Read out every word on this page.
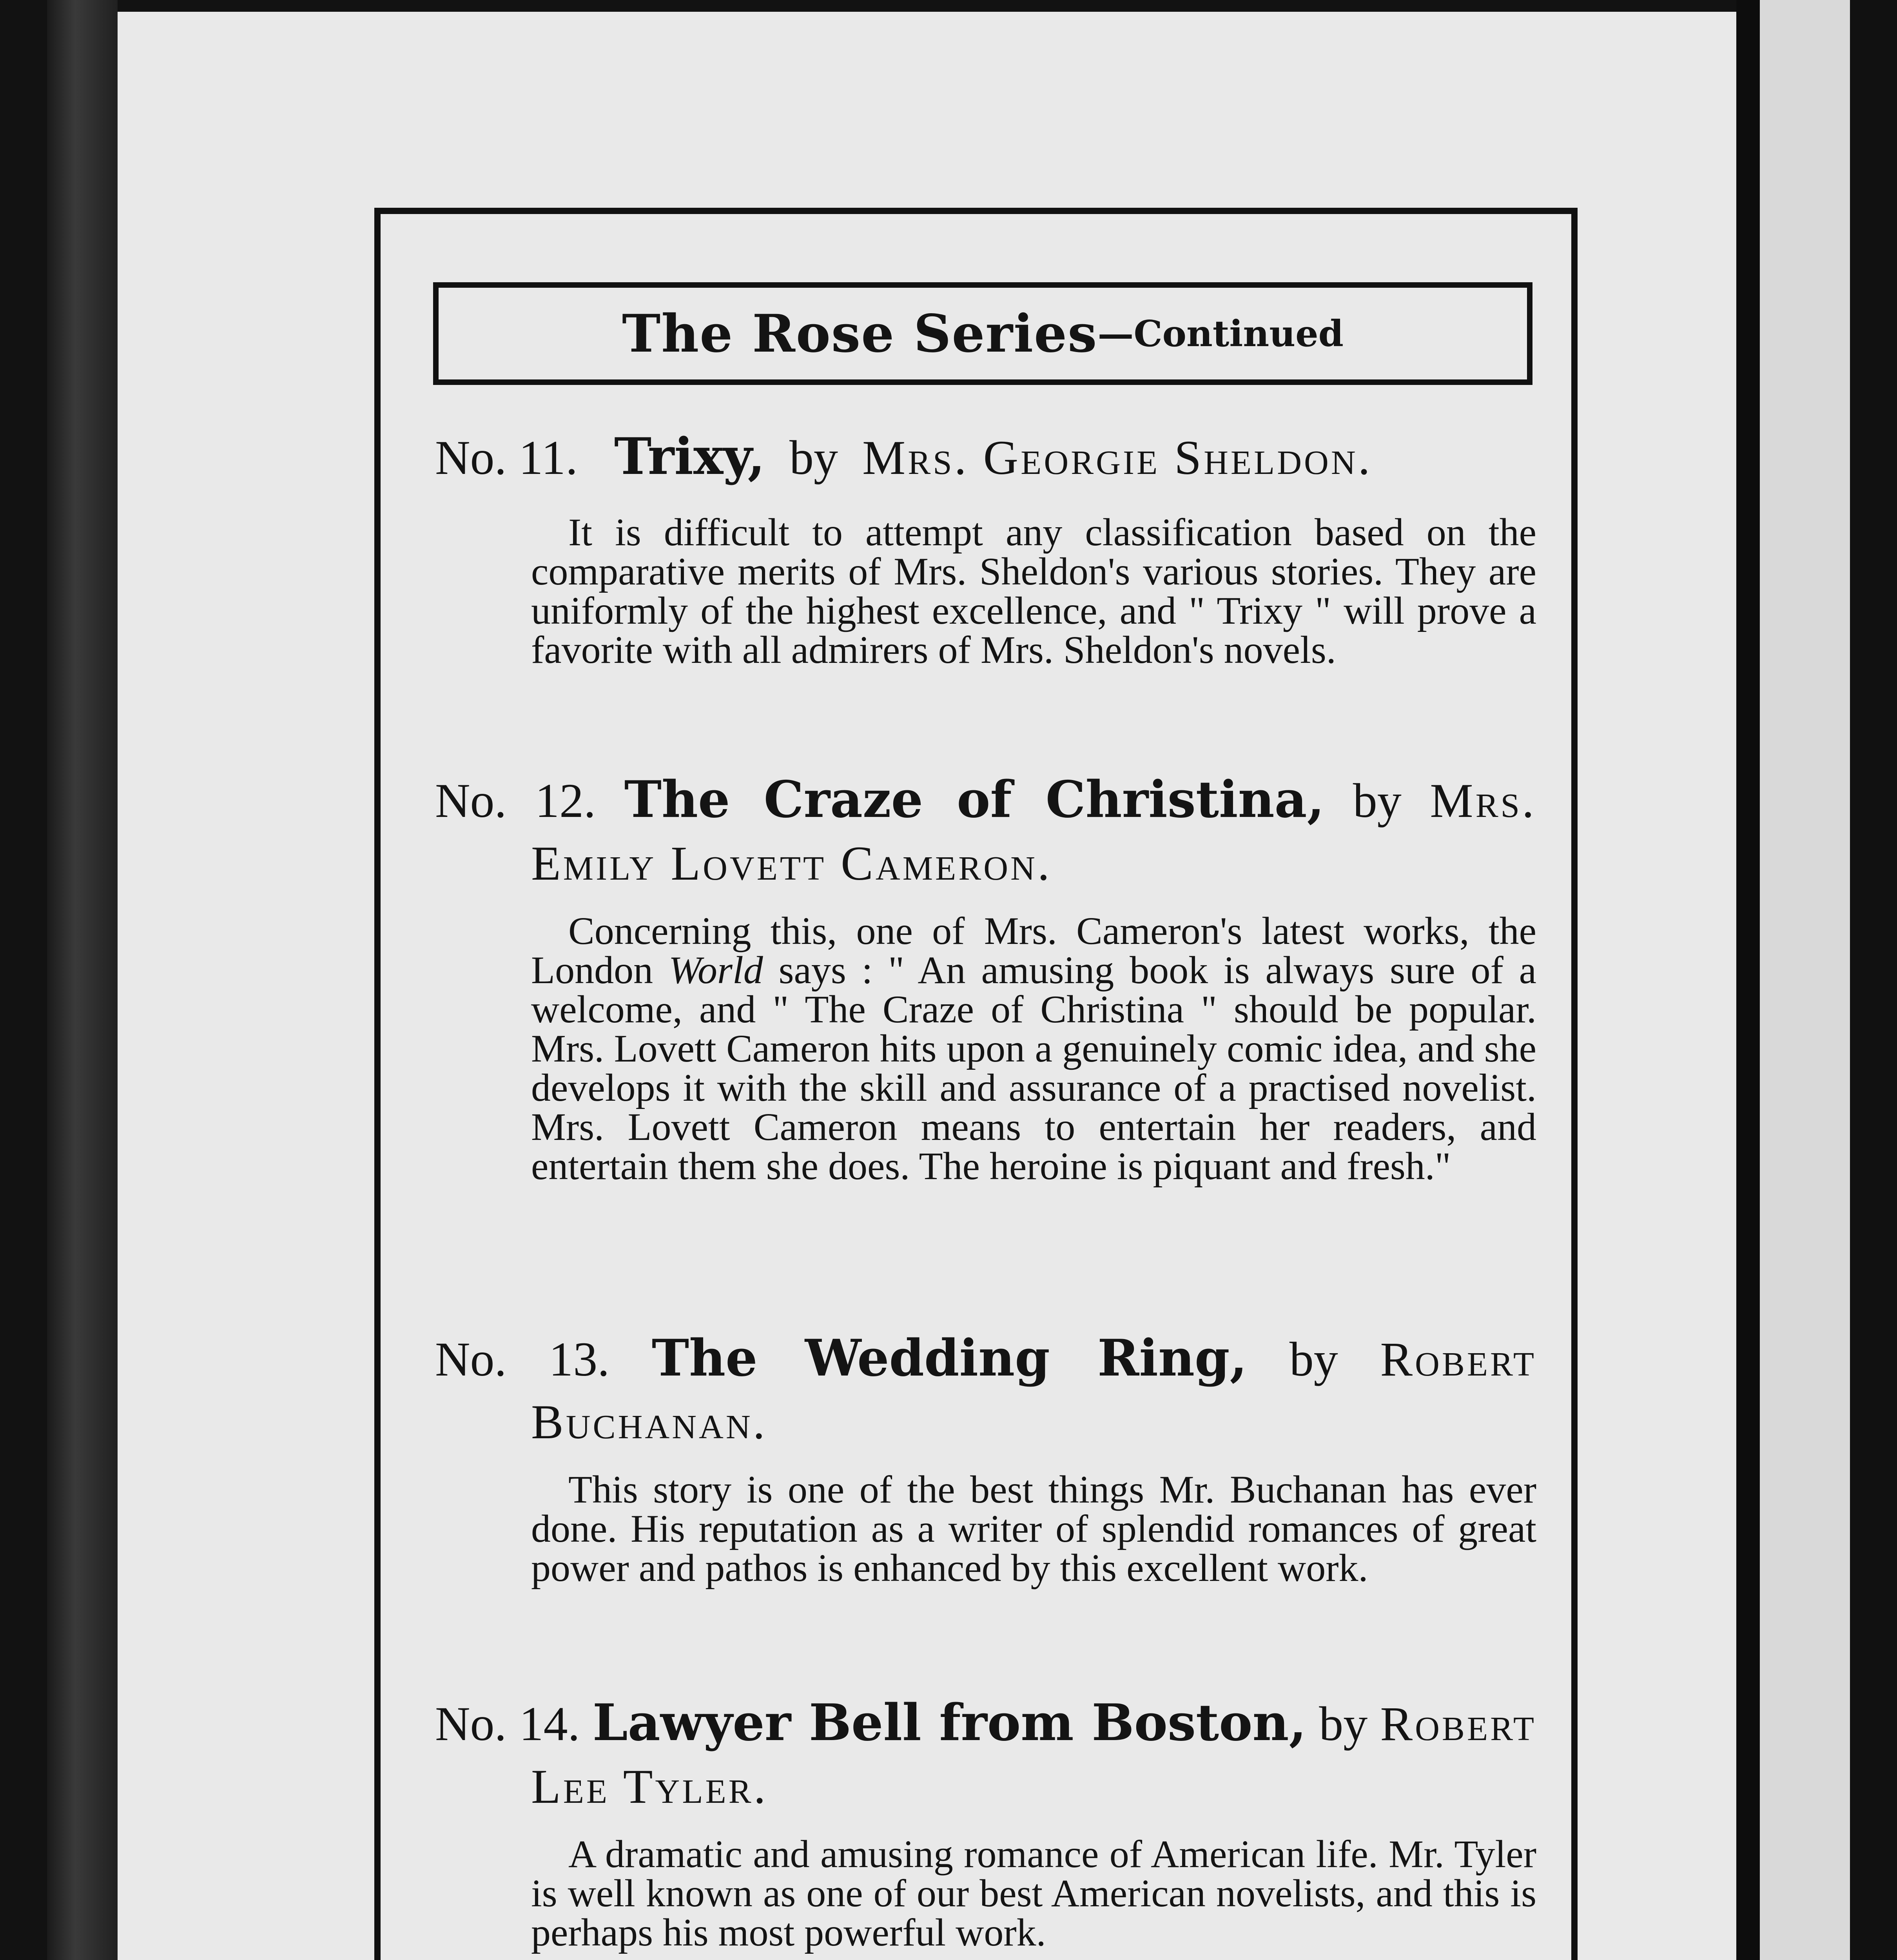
The Rose Series —Continued
No. 11. Trixy, by Mrs. Georgie Sheldon.
It is difficult to attempt any classification based on the comparative merits of Mrs. Sheldon's various stories. They are uniformly of the highest excellence, and " Trixy " will prove a favorite with all admirers of Mrs. Sheldon's novels.
No. 12. The Craze of Christina, by Mrs.
Emily Lovett Cameron.
Concerning this, one of Mrs. Cameron's latest works, the London World says : " An amusing book is always sure of a welcome, and " The Craze of Christina " should be popular. Mrs. Lovett Cameron hits upon a genuinely comic idea, and she develops it with the skill and assurance of a practised novelist. Mrs. Lovett Cameron means to entertain her readers, and entertain them she does. The heroine is piquant and fresh."
No. 13. The Wedding Ring, by Robert
Buchanan.
This story is one of the best things Mr. Buchanan has ever done. His reputation as a writer of splendid romances of great power and pathos is enhanced by this excellent work.
No. 14. Lawyer Bell from Boston, by Robert
Lee Tyler.
A dramatic and amusing romance of American life. Mr. Tyler is well known as one of our best American novelists, and this is perhaps his most powerful work.
